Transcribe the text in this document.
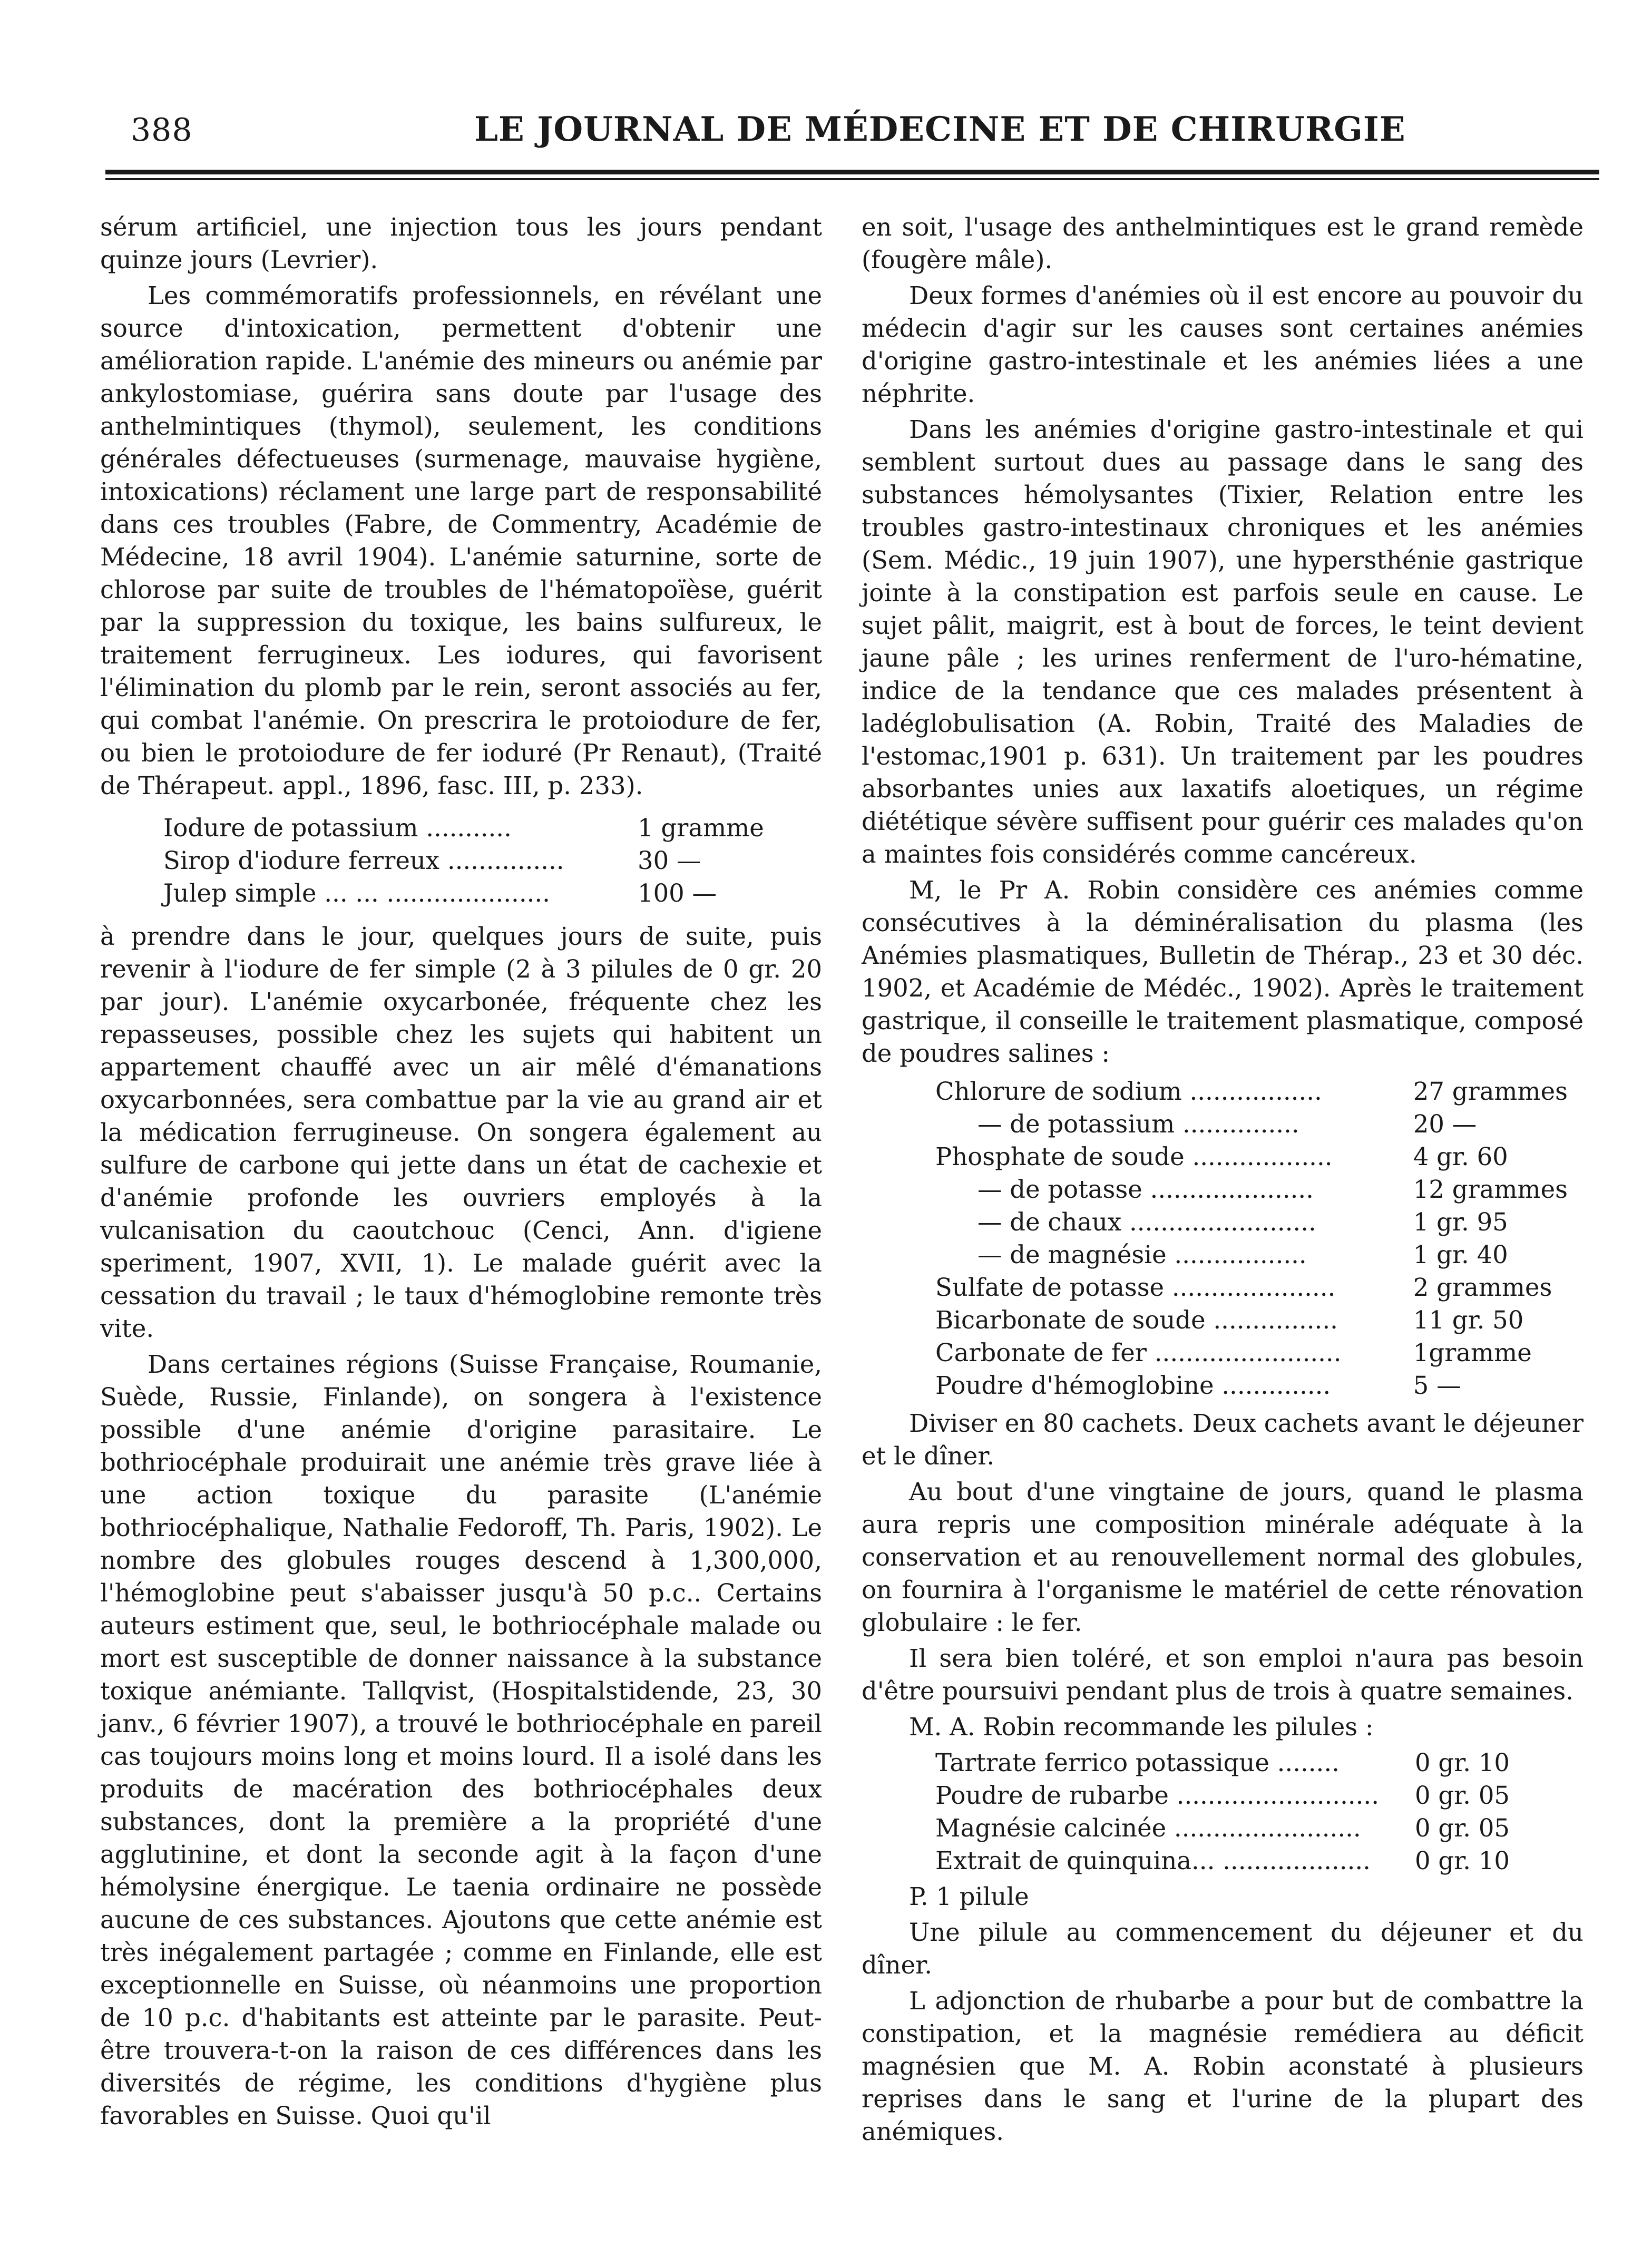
388	LE JOURNAL DE MÉDECINE ET DE CHIRURGIE

sérum artificiel, une injection tous les jours pendant quinze jours (Levrier).

Les commémoratifs professionnels, en révélant une source d'intoxication, permettent d'obtenir une amélioration rapide. L'anémie des mineurs ou anémie par ankylostomiase, guérira sans doute par l'usage des anthelmintiques (thymol), seulement, les conditions générales défectueuses (surmenage, mauvaise hygiène, intoxications) réclament une large part de responsabilité dans ces troubles (Fabre, de Commentry, Académie de Médecine, 18 avril 1904). L'anémie saturnine, sorte de chlorose par suite de troubles de l'hématopoïèse, guérit par la suppression du toxique, les bains sulfureux, le traitement ferrugineux. Les iodures, qui favorisent l'élimination du plomb par le rein, seront associés au fer, qui combat l'anémie. On prescrira le protoiodure de fer, ou bien le protoiodure de fer ioduré (Pr Renaut), (Traité de Thérapeut. appl., 1896, fasc. III, p. 233).

Iodure de potassium ...........	1 gramme
Sirop d'iodure ferreux ...............	30 —
Julep simple ... ... .....................	100 —

à prendre dans le jour, quelques jours de suite, puis revenir à l'iodure de fer simple (2 à 3 pilules de 0 gr. 20 par jour). L'anémie oxycarbonée, fréquente chez les repasseuses, possible chez les sujets qui habitent un appartement chauffé avec un air mêlé d'émanations oxycarbonnées, sera combattue par la vie au grand air et la médication ferrugineuse. On songera également au sulfure de carbone qui jette dans un état de cachexie et d'anémie profonde les ouvriers employés à la vulcanisation du caoutchouc (Cenci, Ann. d'igiene speriment, 1907, XVII, 1). Le malade guérit avec la cessation du travail ; le taux d'hémoglobine remonte très vite.

Dans certaines régions (Suisse Française, Roumanie, Suède, Russie, Finlande), on songera à l'existence possible d'une anémie d'origine parasitaire. Le bothriocéphale produirait une anémie très grave liée à une action toxique du parasite (L'anémie bothriocéphalique, Nathalie Fedoroff, Th. Paris, 1902). Le nombre des globules rouges descend à 1,300,000, l'hémoglobine peut s'abaisser jusqu'à 50 p.c.. Certains auteurs estiment que, seul, le bothriocéphale malade ou mort est susceptible de donner naissance à la substance toxique anémiante. Tallqvist, (Hospitalstidende, 23, 30 janv., 6 février 1907), a trouvé le bothriocéphale en pareil cas toujours moins long et moins lourd. Il a isolé dans les produits de macération des bothriocéphales deux substances, dont la première a la propriété d'une agglutinine, et dont la seconde agit à la façon d'une hémolysine énergique. Le taenia ordinaire ne possède aucune de ces substances. Ajoutons que cette anémie est très inégalement partagée ; comme en Finlande, elle est exceptionnelle en Suisse, où néanmoins une proportion de 10 p.c. d'habitants est atteinte par le parasite. Peut-être trouvera-t-on la raison de ces différences dans les diversités de régime, les conditions d'hygiène plus favorables en Suisse. Quoi qu'il

en soit, l'usage des anthelmintiques est le grand remède (fougère mâle).

Deux formes d'anémies où il est encore au pouvoir du médecin d'agir sur les causes sont certaines anémies d'origine gastro-intestinale et les anémies liées a une néphrite.

Dans les anémies d'origine gastro-intestinale et qui semblent surtout dues au passage dans le sang des substances hémolysantes (Tixier, Relation entre les troubles gastro-intestinaux chroniques et les anémies (Sem. Médic., 19 juin 1907), une hypersthénie gastrique jointe à la constipation est parfois seule en cause. Le sujet pâlit, maigrit, est à bout de forces, le teint devient jaune pâle ; les urines renferment de l'uro-hématine, indice de la tendance que ces malades présentent à ladéglobulisation (A. Robin, Traité des Maladies de l'estomac,1901 p. 631). Un traitement par les poudres absorbantes unies aux laxatifs aloetiques, un régime diététique sévère suffisent pour guérir ces malades qu'on a maintes fois considérés comme cancéreux.

M, le Pr A. Robin considère ces anémies comme consécutives à la déminéralisation du plasma (les Anémies plasmatiques, Bulletin de Thérap., 23 et 30 déc. 1902, et Académie de Médéc., 1902). Après le traitement gastrique, il conseille le traitement plasmatique, composé de poudres salines :

Chlorure de sodium .................	27 grammes
— de potassium ...............	20 —
Phosphate de soude ..................	4 gr. 60
— de potasse .....................	12 grammes
— de chaux ........................	1 gr. 95
— de magnésie .................	1 gr. 40
Sulfate de potasse .....................	2 grammes
Bicarbonate de soude ................	11 gr. 50
Carbonate de fer ........................	1gramme
Poudre d'hémoglobine ..............	5 —

Diviser en 80 cachets. Deux cachets avant le déjeuner et le dîner.

Au bout d'une vingtaine de jours, quand le plasma aura repris une composition minérale adéquate à la conservation et au renouvellement normal des globules, on fournira à l'organisme le matériel de cette rénovation globulaire : le fer.

Il sera bien toléré, et son emploi n'aura pas besoin d'être poursuivi pendant plus de trois à quatre semaines.

M. A. Robin recommande les pilules :

Tartrate ferrico potassique ........	0 gr. 10
Poudre de rubarbe ..........................	0 gr. 05
Magnésie calcinée ........................	0 gr. 05
Extrait de quinquina... ...................	0 gr. 10

P. 1 pilule

Une pilule au commencement du déjeuner et du dîner.

L adjonction de rhubarbe a pour but de combattre la constipation, et la magnésie remédiera au déficit magnésien que M. A. Robin aconstaté à plusieurs reprises dans le sang et l'urine de la plupart des anémiques.
